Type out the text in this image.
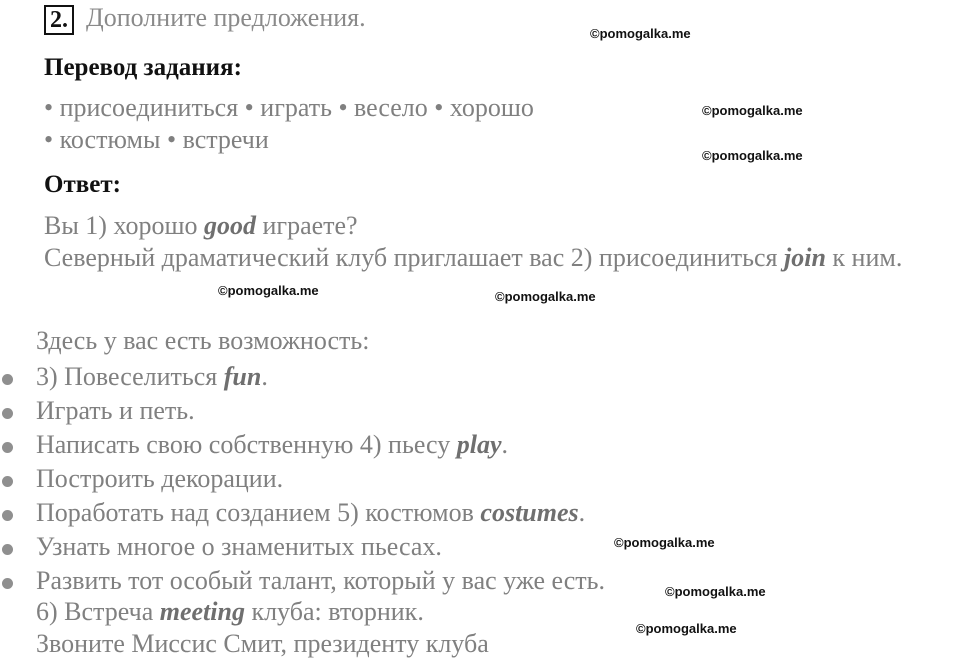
2. Дополните предложения.
Перевод задания:
• присоединиться • играть • весело • хорошо
• костюмы • встречи
Ответ:
Вы 1) хорошо good играете?
Северный драматический клуб приглашает вас 2) присоединиться join к ним.
Здесь у вас есть возможность:
3) Повеселиться fun.
Играть и петь.
Написать свою собственную 4) пьесу play.
Построить декорации.
Поработать над созданием 5) костюмов costumes.
Узнать многое о знаменитых пьесах.
Развить тот особый талант, который у вас уже есть.
6) Встреча meeting клуба: вторник.
Звоните Миссис Смит, президенту клуба
©pomogalka.me
©pomogalka.me
©pomogalka.me
©pomogalka.me	©pomogalka.me
©pomogalka.me
©pomogalka.me
©pomogalka.me
